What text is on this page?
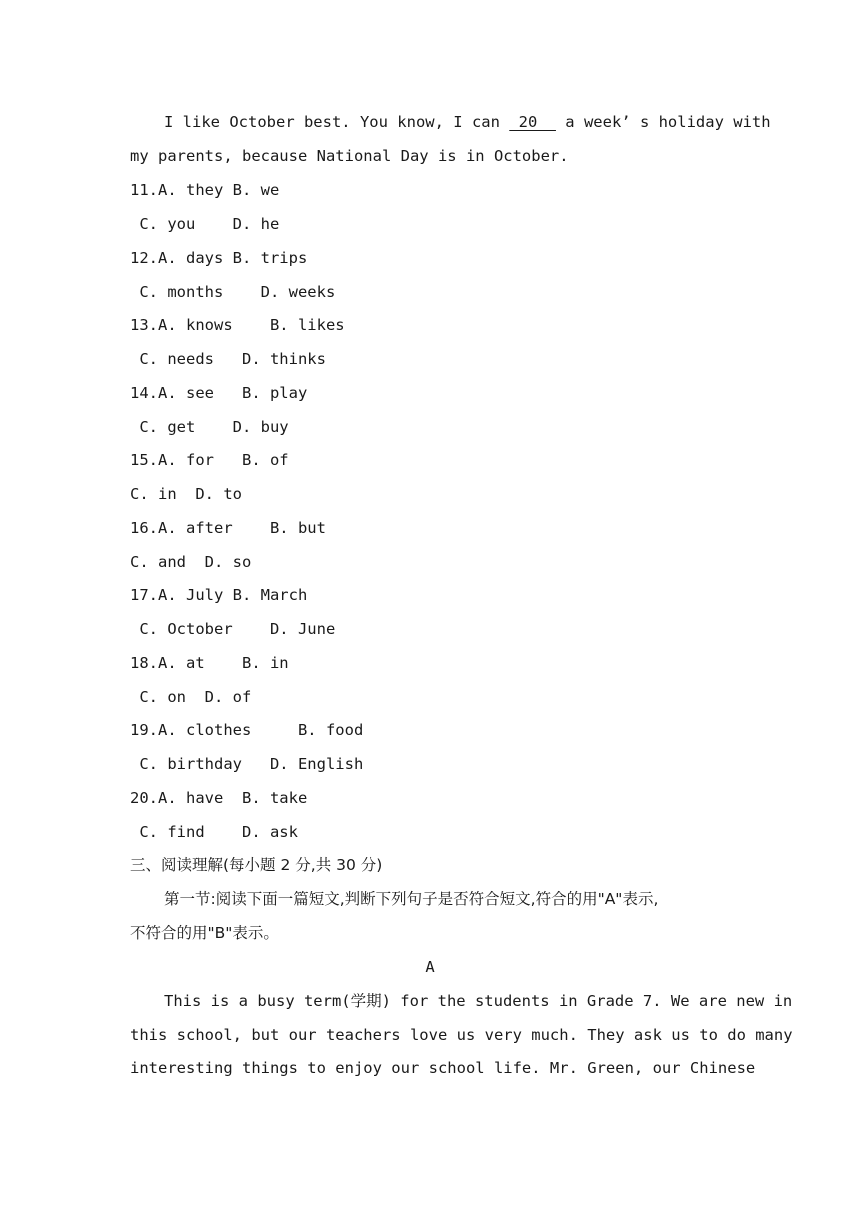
I like October best. You know, I can  20   a week’ s holiday with
my parents, because National Day is in October.
11.A. they B. we
C. you    D. he
12.A. days B. trips
C. months    D. weeks
13.A. knows    B. likes
C. needs   D. thinks
14.A. see   B. play
C. get    D. buy
15.A. for   B. of
C. in  D. to
16.A. after    B. but
C. and  D. so
17.A. July B. March
C. October    D. June
18.A. at    B. in
C. on  D. of
19.A. clothes     B. food
C. birthday   D. English
20.A. have  B. take
C. find    D. ask
三、阅读理解(每小题 2 分,共 30 分)
第一节:阅读下面一篇短文,判断下列句子是否符合短文,符合的用"A"表示,
不符合的用"B"表示。
A
This is a busy term(学期) for the students in Grade 7. We are new in
this school, but our teachers love us very much. They ask us to do many
interesting things to enjoy our school life. Mr. Green, our Chinese
